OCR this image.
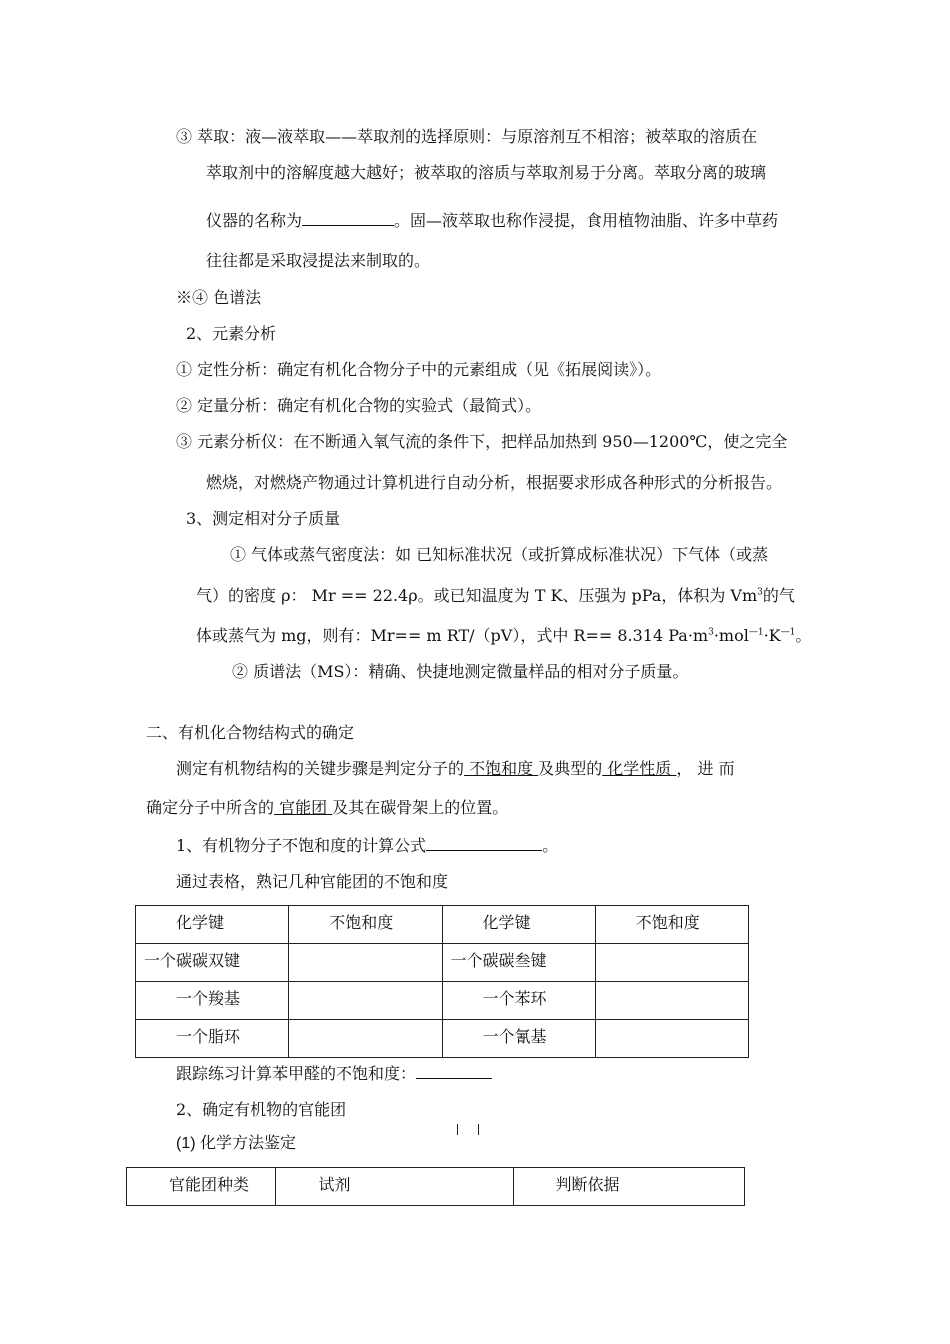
③ 萃取：液—液萃取——萃取剂的选择原则：与原溶剂互不相溶；被萃取的溶质在
萃取剂中的溶解度越大越好；被萃取的溶质与萃取剂易于分离。萃取分离的玻璃
仪器的名称为	。固—液萃取也称作浸提，食用植物油脂、许多中草药
往往都是采取浸提法来制取的。
※④ 色谱法
2、元素分析
① 定性分析：确定有机化合物分子中的元素组成（见《拓展阅读》）。
② 定量分析：确定有机化合物的实验式（最简式）。
③ 元素分析仪：在不断通入氧气流的条件下，把样品加热到 950—1200℃，使之完全
燃烧，对燃烧产物通过计算机进行自动分析，根据要求形成各种形式的分析报告。
3、测定相对分子质量
① 气体或蒸气密度法：如 已知标准状况（或折算成标准状况）下气体（或蒸
气）的密度 ρ： Mr == 22.4ρ。或已知温度为 T K、压强为 pPa，体积为 Vm$^3$的气
体或蒸气为 mg，则有：Mr== m RT/（pV），式中 R== 8.314 $Pa\cdot m^3\cdot mol^{—1}\cdot K^{—1}$。
② 质谱法（MS）：精确、快捷地测定微量样品的相对分子质量。
二、有机化合物结构式的确定
测定有机物结构的关键步骤是判定分子的 不饱和度 及典型的 化学性质 ， 进 而
确定分子中所含的 官能团 及其在碳骨架上的位置。
1、有机物分子不饱和度的计算公式	。
通过表格，熟记几种官能团的不饱和度
化学键	不饱和度	化学键	不饱和度
一个碳碳双键		一个碳碳叁键	
一个羧基		一个苯环	
一个脂环		一个氰基	
跟踪练习计算苯甲醛的不饱和度：
2、确定有机物的官能团
(1) 化学方法鉴定
官能团种类	试剂	判断依据
